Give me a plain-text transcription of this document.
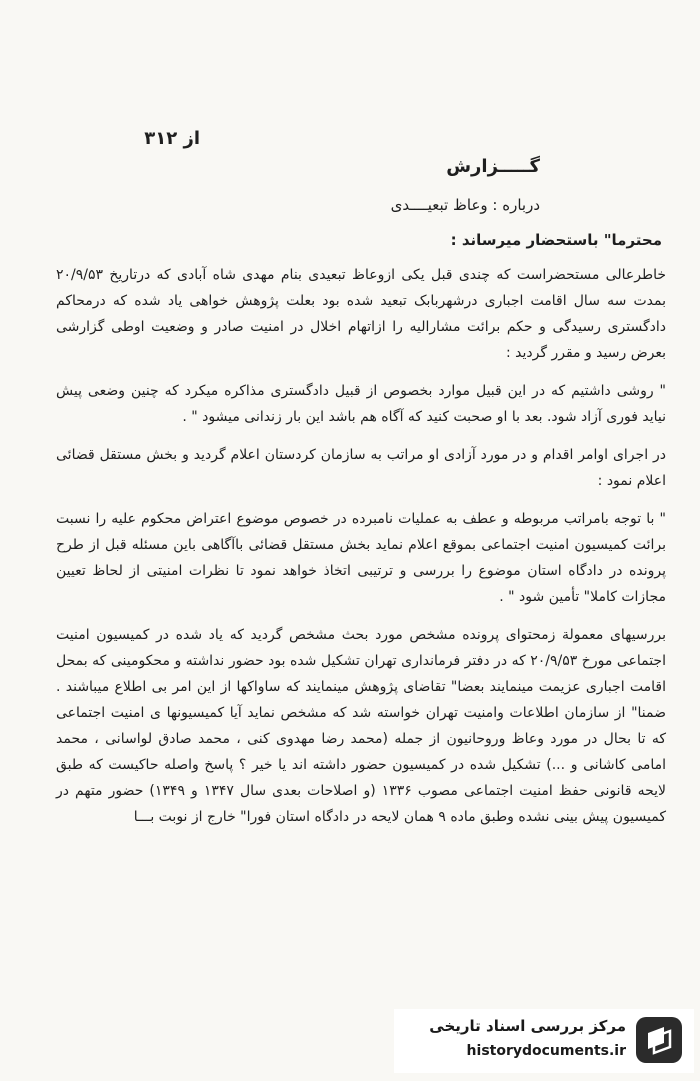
از ۳۱۲
گـــــزارش
درباره : وعاظ تبعیــــدی
محترما" باستحضار میرساند :

خاطرعالی مستحضراست که چندی قبل یکی ازوعاظ تبعیدی بنام مهدی شاه آبادی که درتاریخ ۲۰/۹/۵۳ بمدت سه سال اقامت اجباری درشهربابک تبعید شده بود بعلت پژوهش خواهی یاد شده که درمحاکم دادگستری رسیدگی و حکم برائت مشارالیه را ازاتهام اخلال در امنیت صادر و وضعیت اوطی گزارشی بعرض رسید و مقرر گردید :

" روشی داشتیم که در این قبیل موارد بخصوص از قبیل دادگستری مذاکره میکرد که چنین وضعی پیش نیاید فوری آزاد شود. بعد با او صحبت کنید که آگاه هم باشد این بار زندانی میشود " .

در اجرای اوامر اقدام و در مورد آزادی او مراتب به سازمان کردستان اعلام گردید و بخش مستقل قضائی اعلام نمود :

" با توجه بامراتب مربوطه و عطف به عملیات نامبرده در خصوص موضوع اعتراض محکوم علیه را نسبت برائت کمیسیون امنیت اجتماعی بموقع اعلام نماید بخش مستقل قضائی باآگاهی باین مسئله قبل از طرح پرونده در دادگاه استان موضوع را بررسی و ترتیبی اتخاذ خواهد نمود تا نظرات امنیتی از لحاظ تعیین مجازات کاملا" تأمین شود " .

بررسیهای معمولة زمحتوای پرونده مشخص مورد بحث مشخص گردید که یاد شده در کمیسیون امنیت اجتماعی مورخ ۲۰/۹/۵۳ که در دفتر فرمانداری تهران تشکیل شده بود حضور نداشته و محکومینی که بمحل اقامت اجباری عزیمت مینمایند بعضا" تقاضای پژوهش مینمایند که ساواکها از این امر بی اطلاع میباشند . ضمنا" از سازمان اطلاعات وامنیت تهران خواسته شد که مشخص نماید آیا کمیسیونها ی امنیت اجتماعی که تا بحال در مورد وعاظ وروحانیون از جمله (محمد رضا مهدوی کنی ، محمد صادق لواسانی ، محمد امامی کاشانی و ...) تشکیل شده در کمیسیون حضور داشته اند یا خیر ؟ پاسخ واصله حاکیست که طبق لایحه قانونی حفظ امنیت اجتماعی مصوب ۱۳۳۶ (و اصلاحات بعدی سال ۱۳۴۷ و ۱۳۴۹) حضور متهم در کمیسیون پیش بینی نشده وطبق ماده ۹ همان لایحه در دادگاه استان فورا" خارج از نوبت بـــا

مرکز بررسی اسناد تاریخی
historydocuments.ir
